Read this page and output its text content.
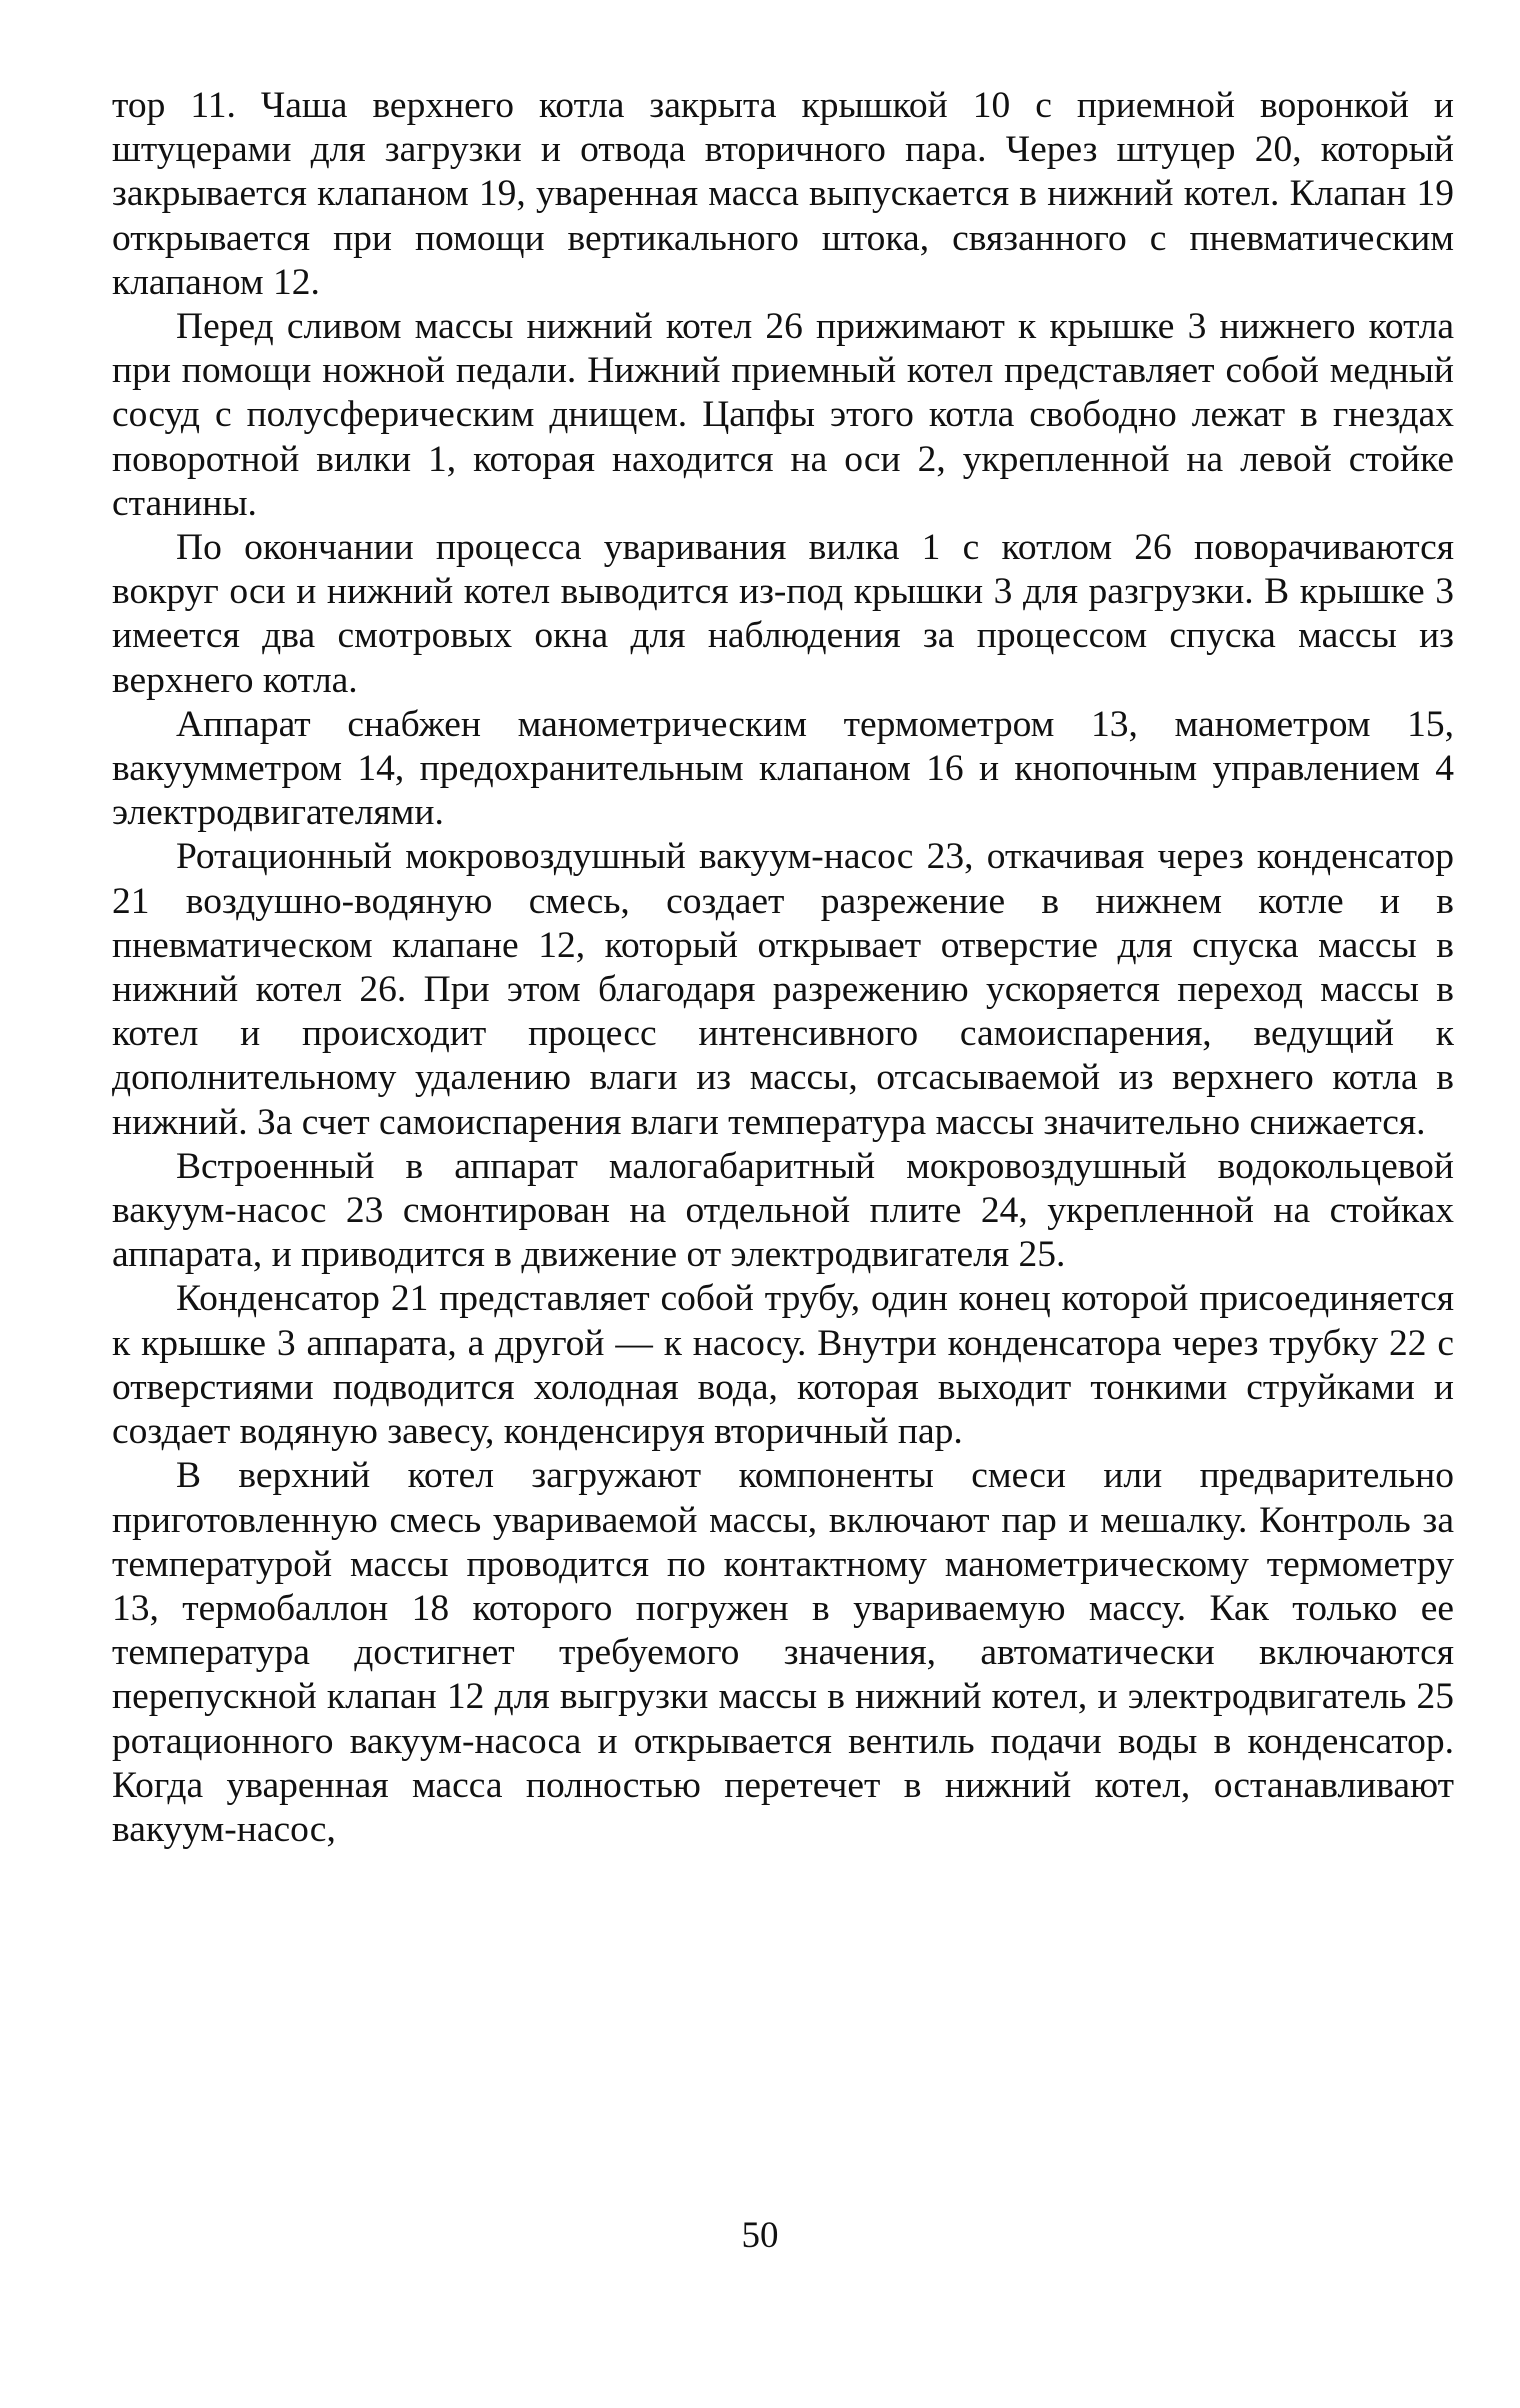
тор 11. Чаша верхнего котла закрыта крышкой 10 с приемной воронкой и штуцерами для загрузки и отвода вторичного пара. Через штуцер 20, который закрывается клапаном 19, уваренная масса выпускается в нижний котел. Клапан 19 открывается при помощи вертикального штока, связанного с пневматическим клапаном 12.

Перед сливом массы нижний котел 26 прижимают к крышке 3 нижнего котла при помощи ножной педали. Нижний приемный котел представляет собой медный сосуд с полусферическим днищем. Цапфы этого котла свободно лежат в гнездах поворотной вилки 1, которая находится на оси 2, укрепленной на левой стойке станины.

По окончании процесса уваривания вилка 1 с котлом 26 поворачиваются вокруг оси и нижний котел выводится из-под крышки 3 для разгрузки. В крышке 3 имеется два смотровых окна для наблюдения за процессом спуска массы из верхнего котла.

Аппарат снабжен манометрическим термометром 13, манометром 15, вакуумметром 14, предохранительным клапаном 16 и кнопочным управлением 4 электродвигателями.

Ротационный мокровоздушный вакуум-насос 23, откачивая через конденсатор 21 воздушно-водяную смесь, создает разрежение в нижнем котле и в пневматическом клапане 12, который открывает отверстие для спуска массы в нижний котел 26. При этом благодаря разрежению ускоряется переход массы в котел и происходит процесс интенсивного самоиспарения, ведущий к дополнительному удалению влаги из массы, отсасываемой из верхнего котла в нижний. За счет самоиспарения влаги температура массы значительно снижается.

Встроенный в аппарат малогабаритный мокровоздушный водокольцевой вакуум-насос 23 смонтирован на отдельной плите 24, укрепленной на стойках аппарата, и приводится в движение от электродвигателя 25.

Конденсатор 21 представляет собой трубу, один конец которой присоединяется к крышке 3 аппарата, а другой — к насосу. Внутри конденсатора через трубку 22 с отверстиями подводится холодная вода, которая выходит тонкими струйками и создает водяную завесу, конденсируя вторичный пар.

В верхний котел загружают компоненты смеси или предварительно приготовленную смесь увариваемой массы, включают пар и мешалку. Контроль за температурой массы проводится по контактному манометрическому термометру 13, термобаллон 18 которого погружен в увариваемую массу. Как только ее температура достигнет требуемого значения, автоматически включаются перепускной клапан 12 для выгрузки массы в нижний котел, и электродвигатель 25 ротационного вакуум-насоса и открывается вентиль подачи воды в конденсатор. Когда уваренная масса полностью перетечет в нижний котел, останавливают вакуум-насос,

50
